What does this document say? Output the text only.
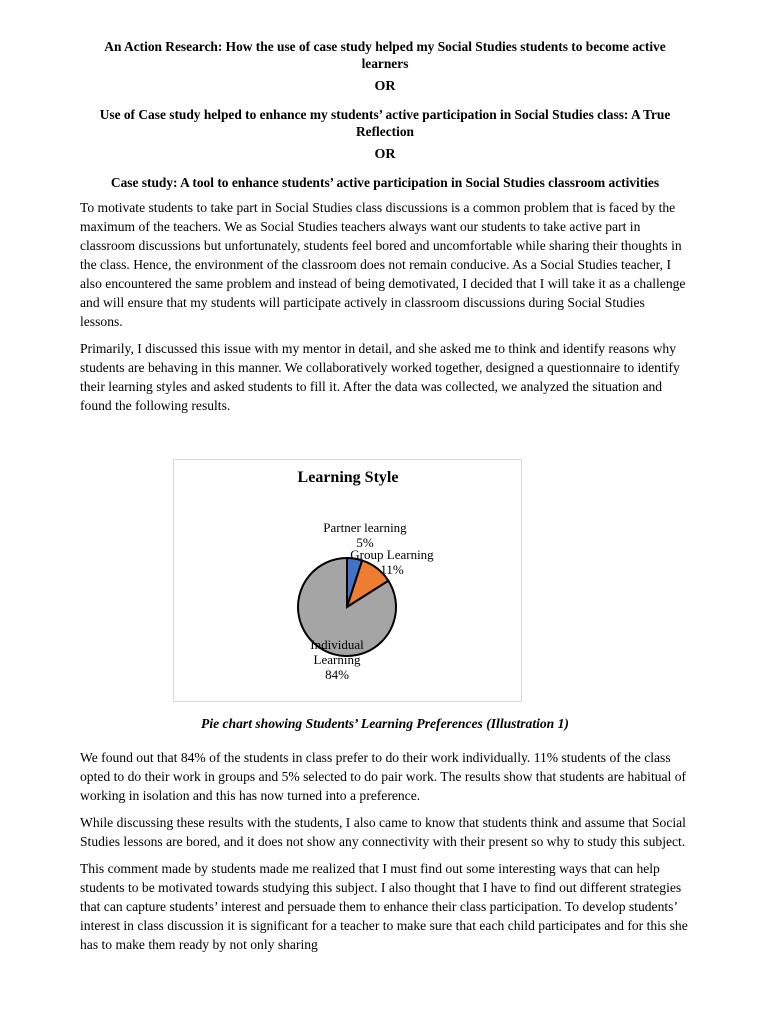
An Action Research: How the use of case study helped my Social Studies students to become active learners

OR

Use of Case study helped to enhance my students’ active participation in Social Studies class: A True Reflection

OR

Case study: A tool to enhance students’ active participation in Social Studies classroom activities

To motivate students to take part in Social Studies class discussions is a common problem that is faced by the maximum of the teachers. We as Social Studies teachers always want our students to take active part in classroom discussions but unfortunately, students feel bored and uncomfortable while sharing their thoughts in the class. Hence, the environment of the classroom does not remain conducive. As a Social Studies teacher, I also encountered the same problem and instead of being demotivated, I decided that I will take it as a challenge and will ensure that my students will participate actively in classroom discussions during Social Studies lessons.

Primarily, I discussed this issue with my mentor in detail, and she asked me to think and identify reasons why students are behaving in this manner. We collaboratively worked together, designed a questionnaire to identify their learning styles and asked students to fill it. After the data was collected, we analyzed the situation and found the following results.

Learning Style
Partner learning 5%
Group Learning 11%
Individual Learning 84%
Pie chart showing Students’ Learning Preferences (Illustration 1)

We found out that 84% of the students in class prefer to do their work individually. 11% students of the class opted to do their work in groups and 5% selected to do pair work. The results show that students are habitual of working in isolation and this has now turned into a preference.

While discussing these results with the students, I also came to know that students think and assume that Social Studies lessons are bored, and it does not show any connectivity with their present so why to study this subject.

This comment made by students made me realized that I must find out some interesting ways that can help students to be motivated towards studying this subject. I also thought that I have to find out different strategies that can capture students’ interest and persuade them to enhance their class participation. To develop students’ interest in class discussion it is significant for a teacher to make sure that each child participates and for this she has to make them ready by not only sharing
